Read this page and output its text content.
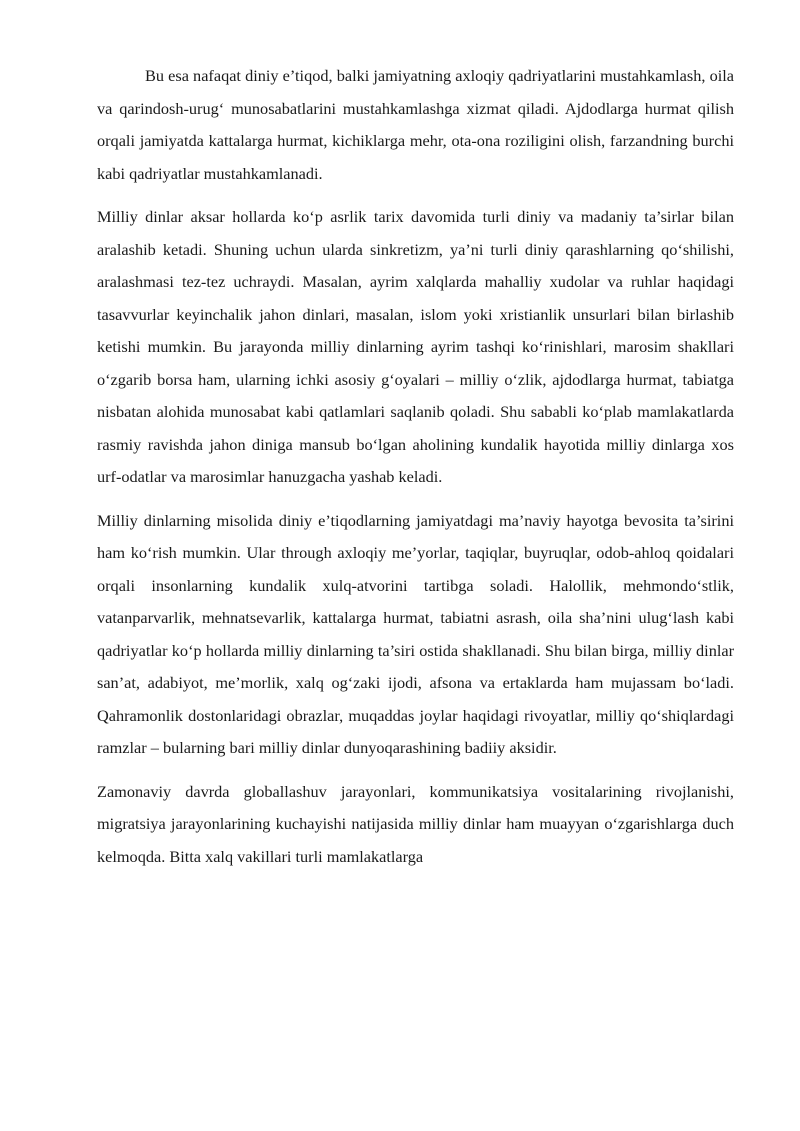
Bu esa nafaqat diniy e’tiqod, balki jamiyatning axloqiy qadriyatlarini mustahkamlash, oila va qarindosh-urug‘ munosabatlarini mustahkamlashga xizmat qiladi. Ajdodlarga hurmat qilish orqali jamiyatda kattalarga hurmat, kichiklarga mehr, ota-ona roziligini olish, farzandning burchi kabi qadriyatlar mustahkamlanadi.

Milliy dinlar aksar hollarda ko‘p asrlik tarix davomida turli diniy va madaniy ta’sirlar bilan aralashib ketadi. Shuning uchun ularda sinkretizm, ya’ni turli diniy qarashlarning qo‘shilishi, aralashmasi tez-tez uchraydi. Masalan, ayrim xalqlarda mahalliy xudolar va ruhlar haqidagi tasavvurlar keyinchalik jahon dinlari, masalan, islom yoki xristianlik unsurlari bilan birlashib ketishi mumkin. Bu jarayonda milliy dinlarning ayrim tashqi ko‘rinishlari, marosim shakllari o‘zgarib borsa ham, ularning ichki asosiy g‘oyalari – milliy o‘zlik, ajdodlarga hurmat, tabiatga nisbatan alohida munosabat kabi qatlamlari saqlanib qoladi. Shu sababli ko‘plab mamlakatlarda rasmiy ravishda jahon diniga mansub bo‘lgan aholining kundalik hayotida milliy dinlarga xos urf-odatlar va marosimlar hanuzgacha yashab keladi.

Milliy dinlarning misolida diniy e’tiqodlarning jamiyatdagi ma’naviy hayotga bevosita ta’sirini ham ko‘rish mumkin. Ular through axloqiy me’yorlar, taqiqlar, buyruqlar, odob-ahloq qoidalari orqali insonlarning kundalik xulq-atvorini tartibga soladi. Halollik, mehmondo‘stlik, vatanparvarlik, mehnatsevarlik, kattalarga hurmat, tabiatni asrash, oila sha’nini ulug‘lash kabi qadriyatlar ko‘p hollarda milliy dinlarning ta’siri ostida shakllanadi. Shu bilan birga, milliy dinlar san’at, adabiyot, me’morlik, xalq og‘zaki ijodi, afsona va ertaklarda ham mujassam bo‘ladi. Qahramonlik dostonlaridagi obrazlar, muqaddas joylar haqidagi rivoyatlar, milliy qo‘shiqlardagi ramzlar – bularning bari milliy dinlar dunyoqarashining badiiy aksidir.

Zamonaviy davrda globallashuv jarayonlari, kommunikatsiya vositalarining rivojlanishi, migratsiya jarayonlarining kuchayishi natijasida milliy dinlar ham muayyan o‘zgarishlarga duch kelmoqda. Bitta xalq vakillari turli mamlakatlarga
